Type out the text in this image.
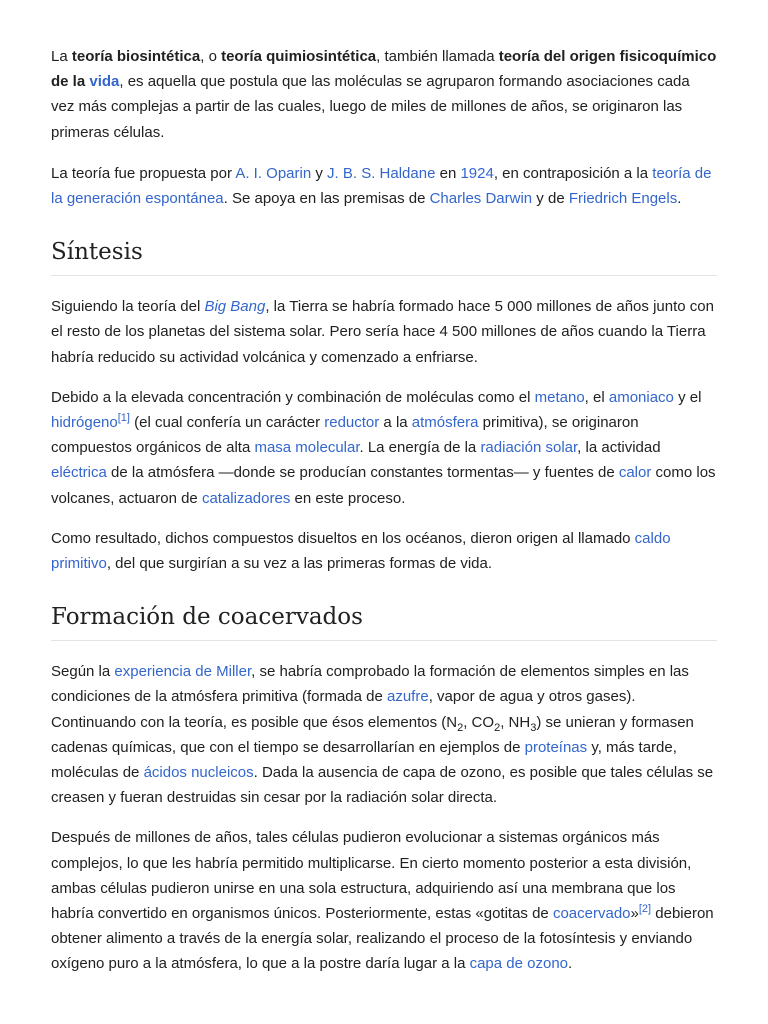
La teoría biosintética, o teoría quimiosintética, también llamada teoría del origen fisicoquímico de la vida, es aquella que postula que las moléculas se agruparon formando asociaciones cada vez más complejas a partir de las cuales, luego de miles de millones de años, se originaron las primeras células.

La teoría fue propuesta por A. I. Oparin y J. B. S. Haldane en 1924, en contraposición a la teoría de la generación espontánea. Se apoya en las premisas de Charles Darwin y de Friedrich Engels.

Síntesis

Siguiendo la teoría del Big Bang, la Tierra se habría formado hace 5 000 millones de años junto con el resto de los planetas del sistema solar. Pero sería hace 4 500 millones de años cuando la Tierra habría reducido su actividad volcánica y comenzado a enfriarse.

Debido a la elevada concentración y combinación de moléculas como el metano, el amoniaco y el hidrógeno[1] (el cual confería un carácter reductor a la atmósfera primitiva), se originaron compuestos orgánicos de alta masa molecular. La energía de la radiación solar, la actividad eléctrica de la atmósfera —donde se producían constantes tormentas— y fuentes de calor como los volcanes, actuaron de catalizadores en este proceso.

Como resultado, dichos compuestos disueltos en los océanos, dieron origen al llamado caldo primitivo, del que surgirían a su vez a las primeras formas de vida.

Formación de coacervados

Según la experiencia de Miller, se habría comprobado la formación de elementos simples en las condiciones de la atmósfera primitiva (formada de azufre, vapor de agua y otros gases). Continuando con la teoría, es posible que ésos elementos ($N_2$, $CO_2$, $NH_3$) se unieran y formasen cadenas químicas, que con el tiempo se desarrollarían en ejemplos de proteínas y, más tarde, moléculas de ácidos nucleicos. Dada la ausencia de capa de ozono, es posible que tales células se creasen y fueran destruidas sin cesar por la radiación solar directa.

Después de millones de años, tales células pudieron evolucionar a sistemas orgánicos más complejos, lo que les habría permitido multiplicarse. En cierto momento posterior a esta división, ambas células pudieron unirse en una sola estructura, adquiriendo así una membrana que los habría convertido en organismos únicos. Posteriormente, estas «gotitas de coacervado»[2] debieron obtener alimento a través de la energía solar, realizando el proceso de la fotosíntesis y enviando oxígeno puro a la atmósfera, lo que a la postre daría lugar a la capa de ozono.
